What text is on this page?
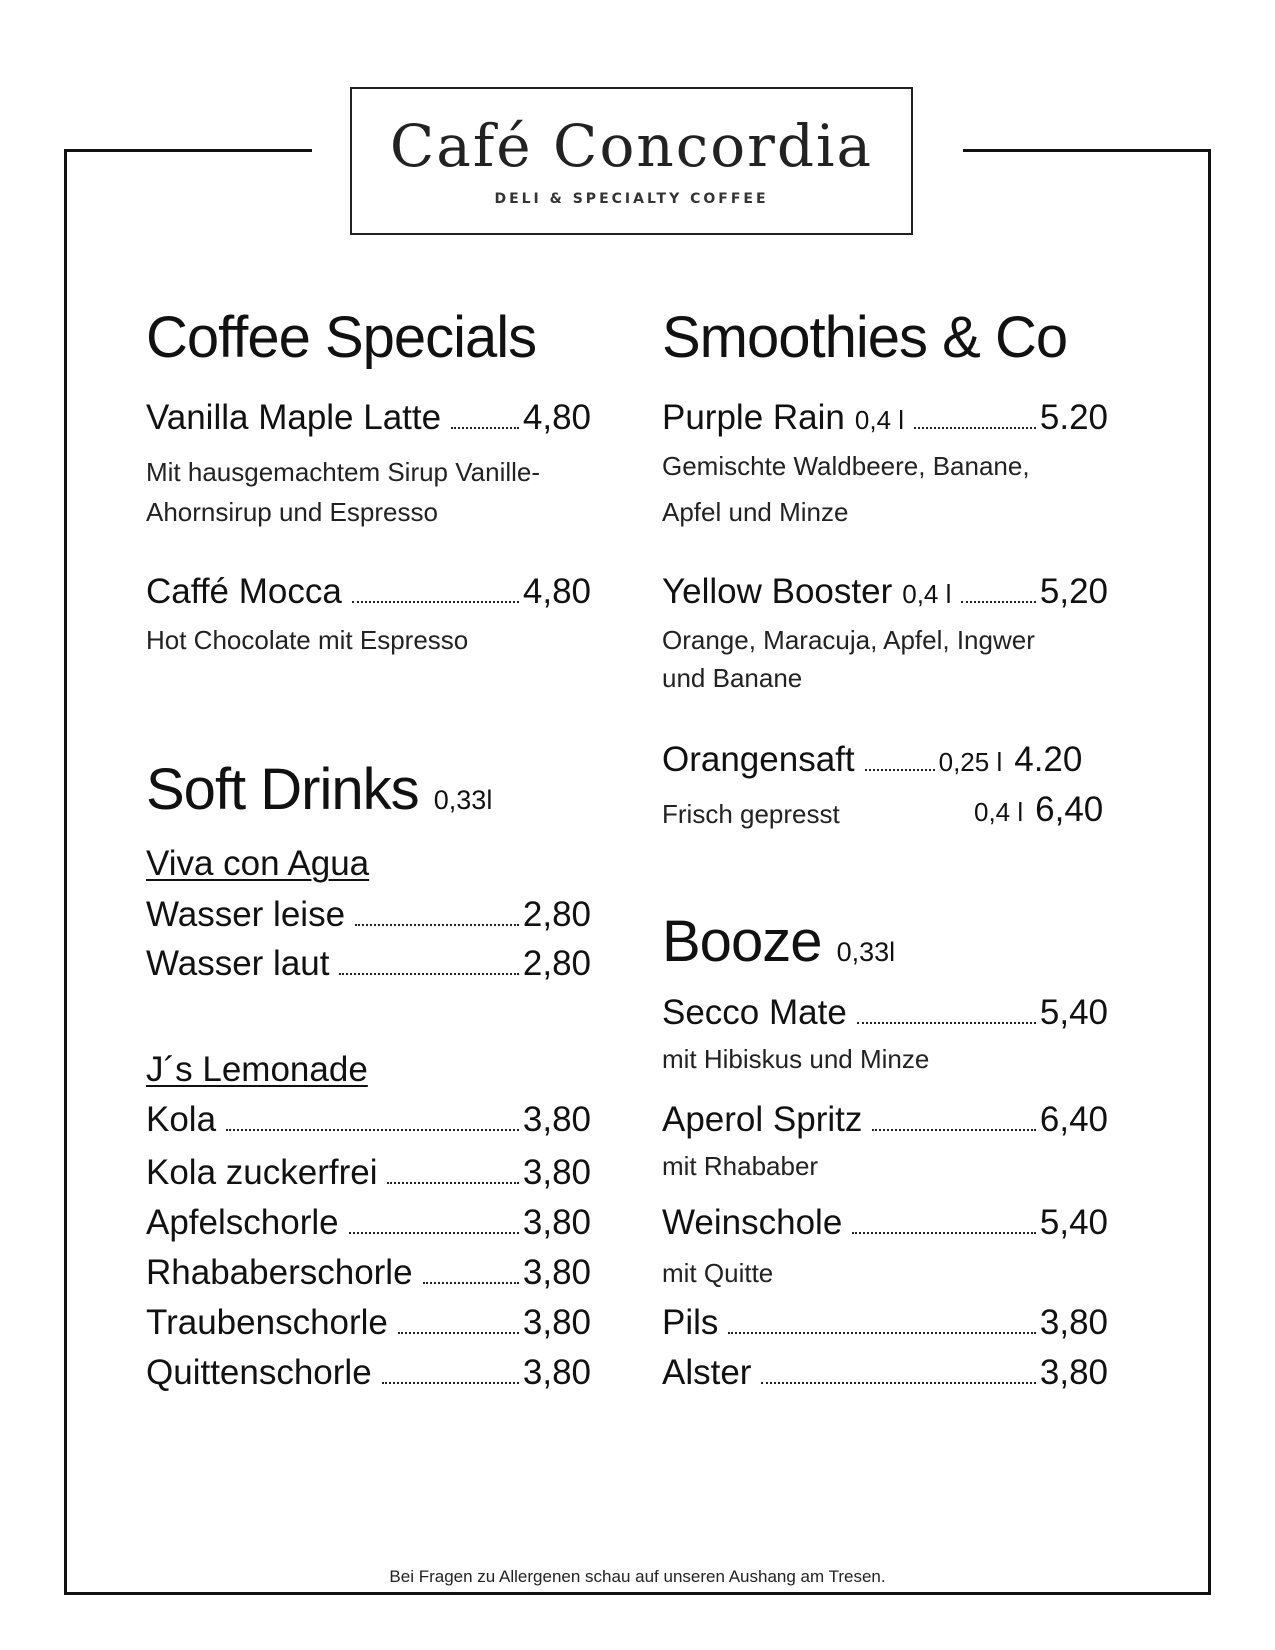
Café Concordia
DELI & SPECIALTY COFFEE
Coffee Specials
Vanilla Maple Latte 4,80
Mit hausgemachtem Sirup Vanille-
Ahornsirup und Espresso
Caffé Mocca	4,80
Hot Chocolate mit Espresso
Soft Drinks 0,33l
Viva con Agua
Wasser leise	2,80
Wasser laut	2,80
J´s Lemonade
Kola	3,80
Kola zuckerfrei	3,80
Apfelschorle	3,80
Rhababerschorle	3,80
Traubenschorle	3,80
Quittenschorle	3,80
Smoothies & Co
Purple Rain 0,4 l	5.20
Gemischte Waldbeere, Banane,
Apfel und Minze
Yellow Booster 0,4 l	5,20
Orange, Maracuja, Apfel, Ingwer
und Banane
Orangensaft	0,25 l 4.20
Frisch gepresst	0,4 l 6,40
Booze 0,33l
Secco Mate	5,40
mit Hibiskus und Minze
Aperol Spritz	6,40
mit Rhababer
Weinschole	5,40
mit Quitte
Pils	3,80
Alster	3,80
Bei Fragen zu Allergenen schau auf unseren Aushang am Tresen.
